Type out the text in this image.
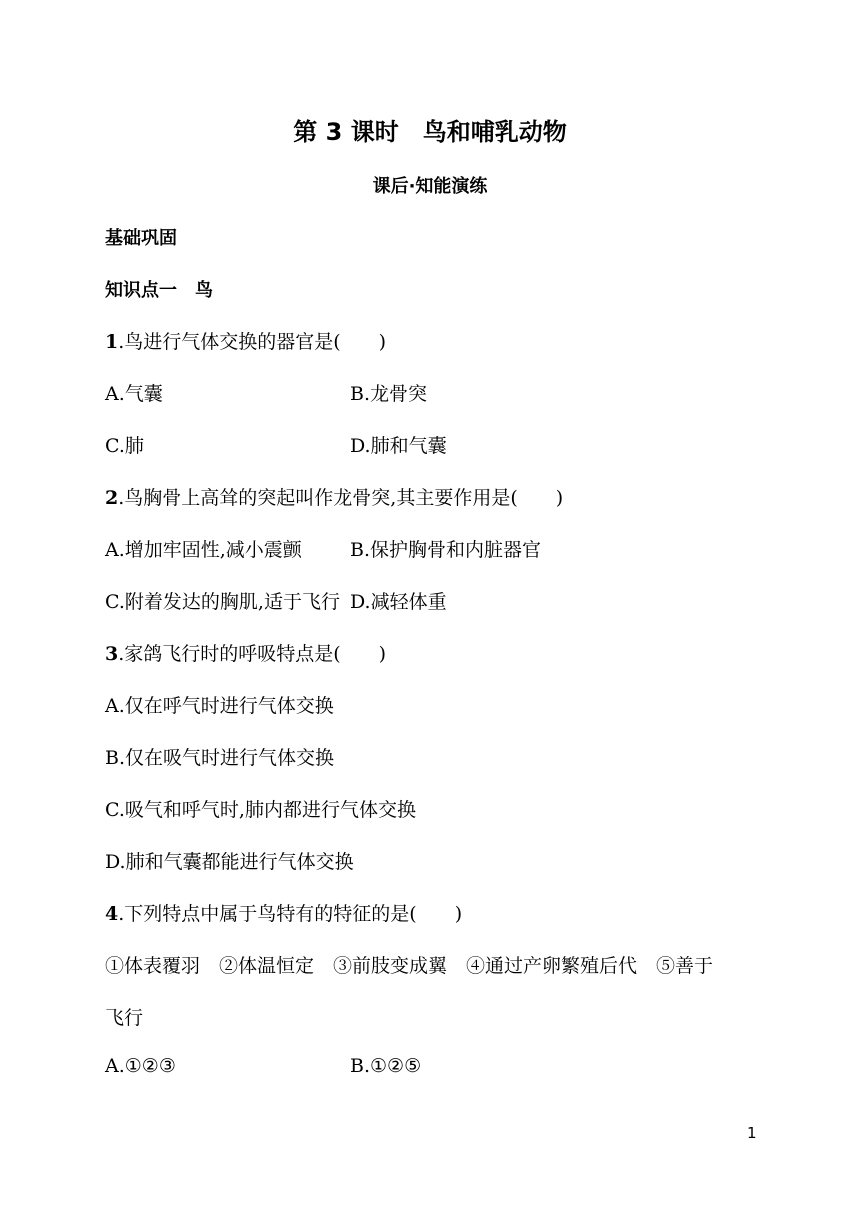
第 3 课时　鸟和哺乳动物
课后·知能演练
基础巩固
知识点一　鸟
1.鸟进行气体交换的器官是(　　)
A.气囊	B.龙骨突
C.肺	D.肺和气囊
2.鸟胸骨上高耸的突起叫作龙骨突,其主要作用是(　　)
A.增加牢固性,减小震颤	B.保护胸骨和内脏器官
C.附着发达的胸肌,适于飞行 D.减轻体重
3.家鸽飞行时的呼吸特点是(　　)
A.仅在呼气时进行气体交换
B.仅在吸气时进行气体交换
C.吸气和呼气时,肺内都进行气体交换
D.肺和气囊都能进行气体交换
4.下列特点中属于鸟特有的特征的是(　　)
①体表覆羽　②体温恒定　③前肢变成翼　④通过产卵繁殖后代　⑤善于
飞行
A.①②③	B.①②⑤
1
